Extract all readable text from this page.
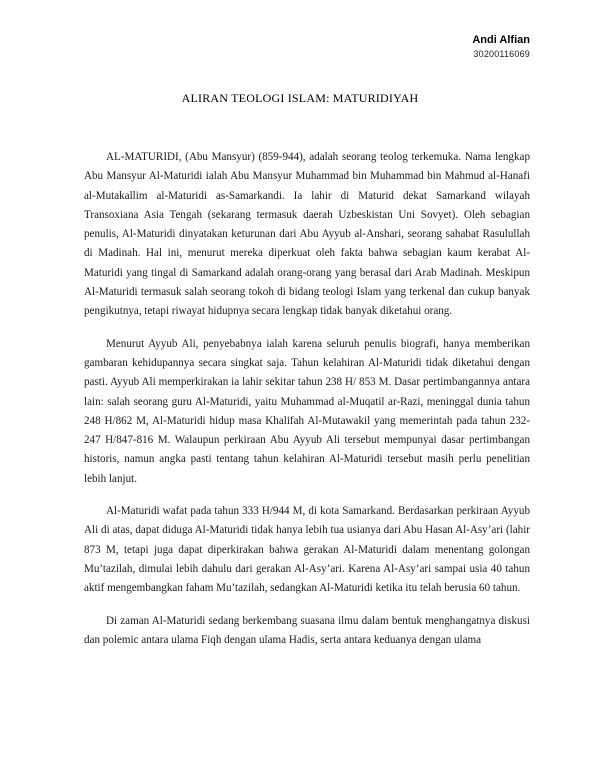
Andi Alfian
30200116069
ALIRAN TEOLOGI ISLAM: MATURIDIYAH

AL-MATURIDI, (Abu Mansyur) (859-944), adalah seorang teolog terkemuka. Nama lengkap Abu Mansyur Al-Maturidi ialah Abu Mansyur Muhammad bin Muhammad bin Mahmud al-Hanafi al-Mutakallim al-Maturidi as-Samarkandi. Ia lahir di Maturid dekat Samarkand wilayah Transoxiana Asia Tengah (sekarang termasuk daerah Uzbeskistan Uni Sovyet). Oleh sebagian penulis, Al-Maturidi dinyatakan keturunan dari Abu Ayyub al-Anshari, seorang sahabat Rasulullah di Madinah. Hal ini, menurut mereka diperkuat oleh fakta bahwa sebagian kaum kerabat Al-Maturidi yang tingal di Samarkand adalah orang-orang yang berasal dari Arab Madinah. Meskipun Al-Maturidi termasuk salah seorang tokoh di bidang teologi Islam yang terkenal dan cukup banyak pengikutnya, tetapi riwayat hidupnya secara lengkap tidak banyak diketahui orang.

Menurut Ayyub Ali, penyebabnya ialah karena seluruh penulis biografi, hanya memberikan gambaran kehidupannya secara singkat saja. Tahun kelahiran Al-Maturidi tidak diketahui dengan pasti. Ayyub Ali memperkirakan ia lahir sekitar tahun 238 H/ 853 M. Dasar pertimbangannya antara lain: salah seorang guru Al-Maturidi, yaitu Muhammad al-Muqatil ar-Razi, meninggal dunia tahun 248 H/862 M, Al-Maturidi hidup masa Khalifah Al-Mutawakil yang memerintah pada tahun 232-247 H/847-816 M. Walaupun perkiraan Abu Ayyub Ali tersebut mempunyai dasar pertimbangan historis, namun angka pasti tentang tahun kelahiran Al-Maturidi tersebut masih perlu penelitian lebih lanjut.

Al-Maturidi wafat pada tahun 333 H/944 M, di kota Samarkand. Berdasarkan perkiraan Ayyub Ali di atas, dapat diduga Al-Maturidi tidak hanya lebih tua usianya dari Abu Hasan Al-Asy’ari (lahir 873 M, tetapi juga dapat diperkirakan bahwa gerakan Al-Maturidi dalam menentang golongan Mu’tazilah, dimulai lebih dahulu dari gerakan Al-Asy’ari. Karena Al-Asy’ari sampai usia 40 tahun aktif mengembangkan faham Mu’tazilah, sedangkan Al-Maturidi ketika itu telah berusia 60 tahun.

Di zaman Al-Maturidi sedang berkembang suasana ilmu dalam bentuk menghangatnya diskusi dan polemic antara ulama Fiqh dengan ulama Hadis, serta antara keduanya dengan ulama
